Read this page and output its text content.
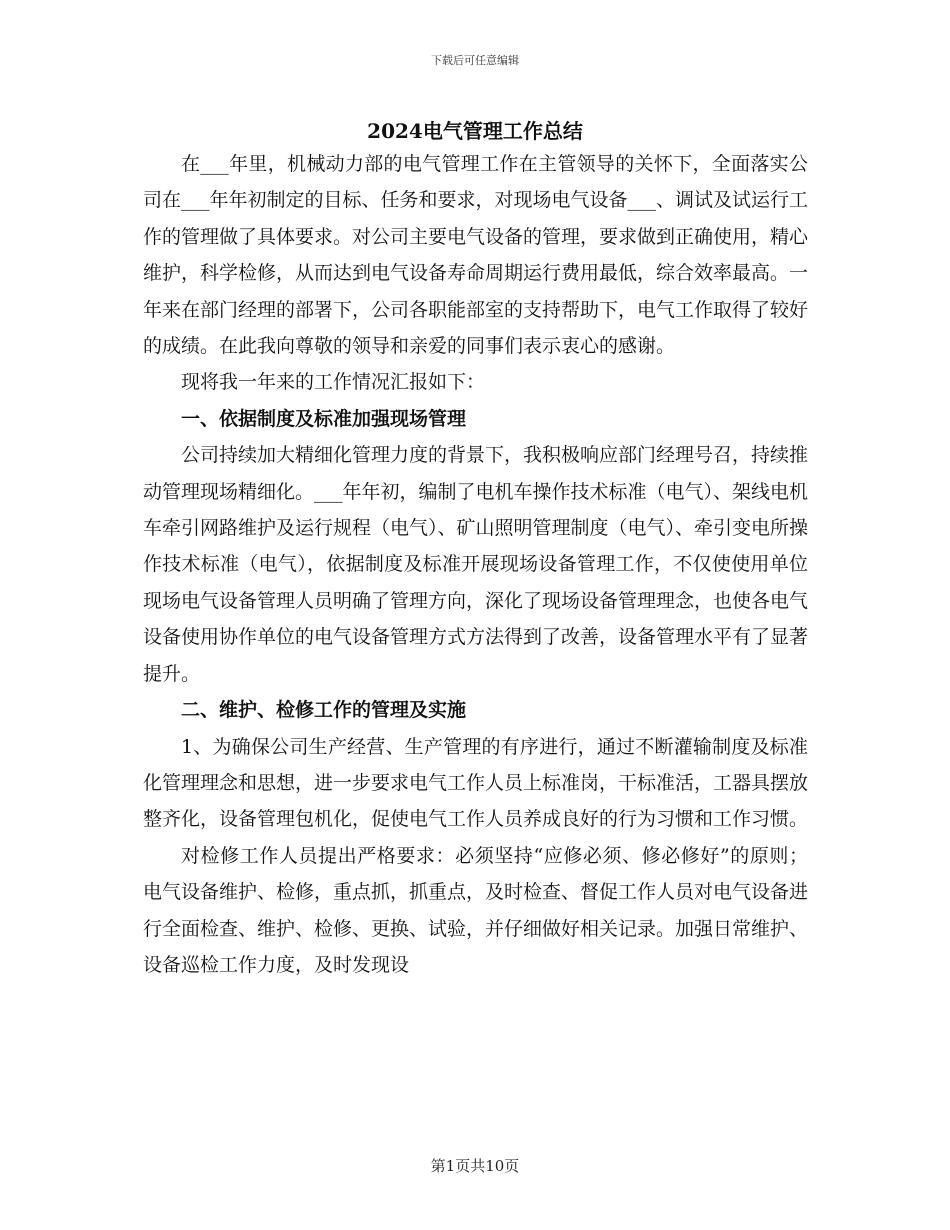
下载后可任意编辑
2024电气管理工作总结

在___年里，机械动力部的电气管理工作在主管领导的关怀下，全面落实公司在___年年初制定的目标、任务和要求，对现场电气设备___、调试及试运行工作的管理做了具体要求。对公司主要电气设备的管理，要求做到正确使用，精心维护，科学检修，从而达到电气设备寿命周期运行费用最低，综合效率最高。一年来在部门经理的部署下，公司各职能部室的支持帮助下，电气工作取得了较好的成绩。在此我向尊敬的领导和亲爱的同事们表示衷心的感谢。

现将我一年来的工作情况汇报如下：

一、依据制度及标准加强现场管理

公司持续加大精细化管理力度的背景下，我积极响应部门经理号召，持续推动管理现场精细化。___年年初，编制了电机车操作技术标准（电气）、架线电机车牵引网路维护及运行规程（电气）、矿山照明管理制度（电气）、牵引变电所操作技术标准（电气），依据制度及标准开展现场设备管理工作，不仅使使用单位现场电气设备管理人员明确了管理方向，深化了现场设备管理理念，也使各电气设备使用协作单位的电气设备管理方式方法得到了改善，设备管理水平有了显著提升。

二、维护、检修工作的管理及实施

1、为确保公司生产经营、生产管理的有序进行，通过不断灌输制度及标准化管理理念和思想，进一步要求电气工作人员上标准岗，干标准活，工器具摆放整齐化，设备管理包机化，促使电气工作人员养成良好的行为习惯和工作习惯。

对检修工作人员提出严格要求：必须坚持“应修必须、修必修好”的原则；电气设备维护、检修，重点抓，抓重点，及时检查、督促工作人员对电气设备进行全面检查、维护、检修、更换、试验，并仔细做好相关记录。加强日常维护、设备巡检工作力度，及时发现设

第1页共10页
